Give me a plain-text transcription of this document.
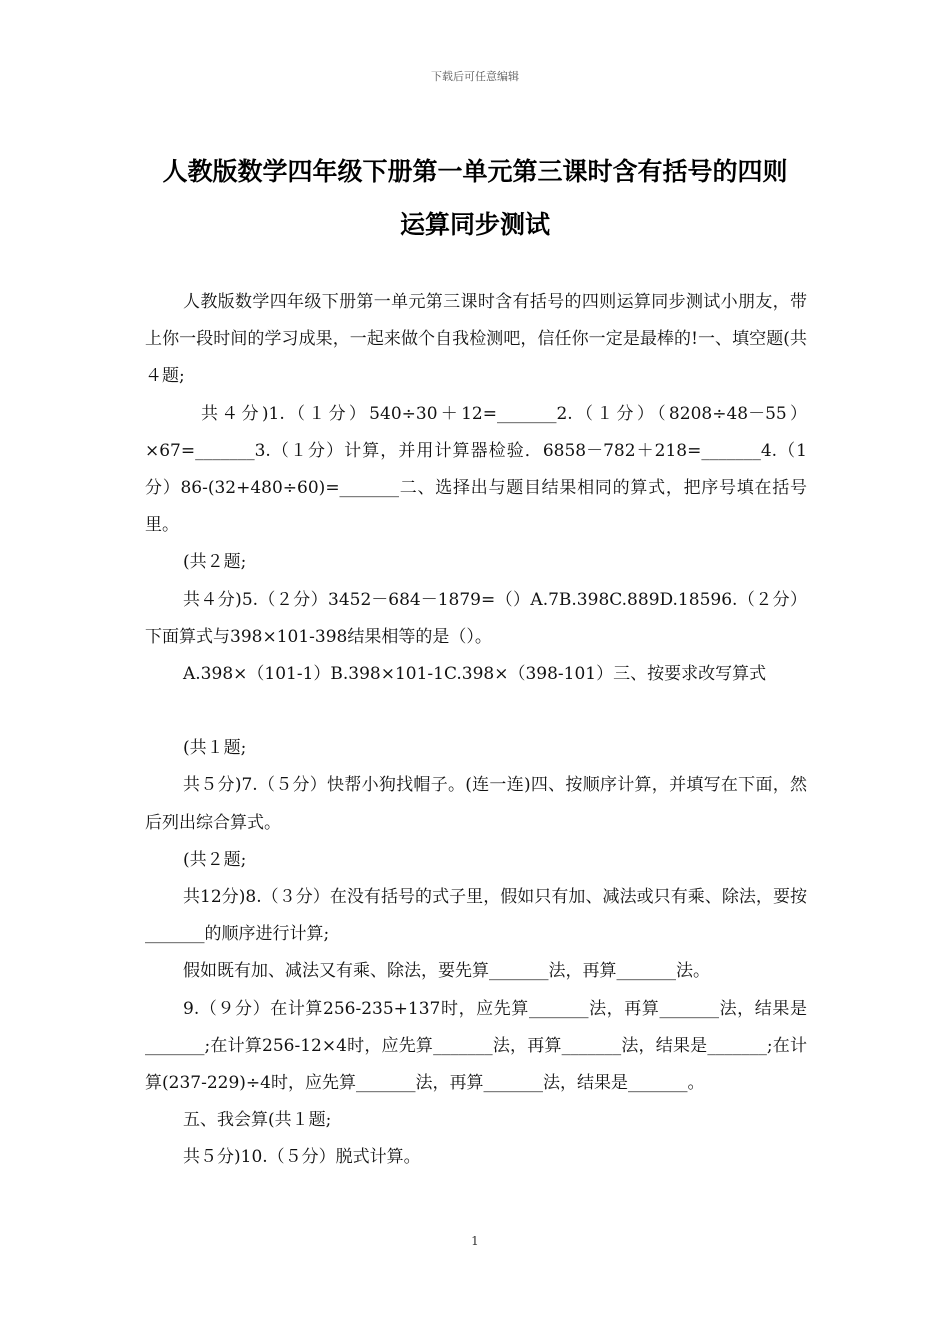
下载后可任意编辑
人教版数学四年级下册第一单元第三课时含有括号的四则
运算同步测试

人教版数学四年级下册第一单元第三课时含有括号的四则运算同步测试小朋友，带上你一段时间的学习成果，一起来做个自我检测吧，信任你一定是最棒的!一、填空题(共４题;

共４分)1.（１分）540÷30＋12=_______2.（１分）（8208÷48－55）×67=_______3.（１分）计算，并用计算器检验．6858－782＋218=_______4.（1分）86-(32+480÷60)=_______二、选择出与题目结果相同的算式，把序号填在括号里。

(共２题;

共４分)5.（２分）3452－684－1879=（）A.7B.398C.889D.18596.（２分）下面算式与398×101-398结果相等的是（）。

A.398×（101-1）B.398×101-1C.398×（398-101）三、按要求改写算式

(共１题;

共５分)7.（５分）快帮小狗找帽子。(连一连)四、按顺序计算，并填写在下面，然后列出综合算式。

(共２题;

共12分)8.（３分）在没有括号的式子里，假如只有加、减法或只有乘、除法，要按_______的顺序进行计算;

假如既有加、减法又有乘、除法，要先算_______法，再算_______法。

9.（９分）在计算256-235+137时，应先算_______法，再算_______法，结果是_______;在计算256-12×4时，应先算_______法，再算_______法，结果是_______;在计算(237-229)÷4时，应先算_______法，再算_______法，结果是_______。

五、我会算(共１题;

共５分)10.（５分）脱式计算。

1
